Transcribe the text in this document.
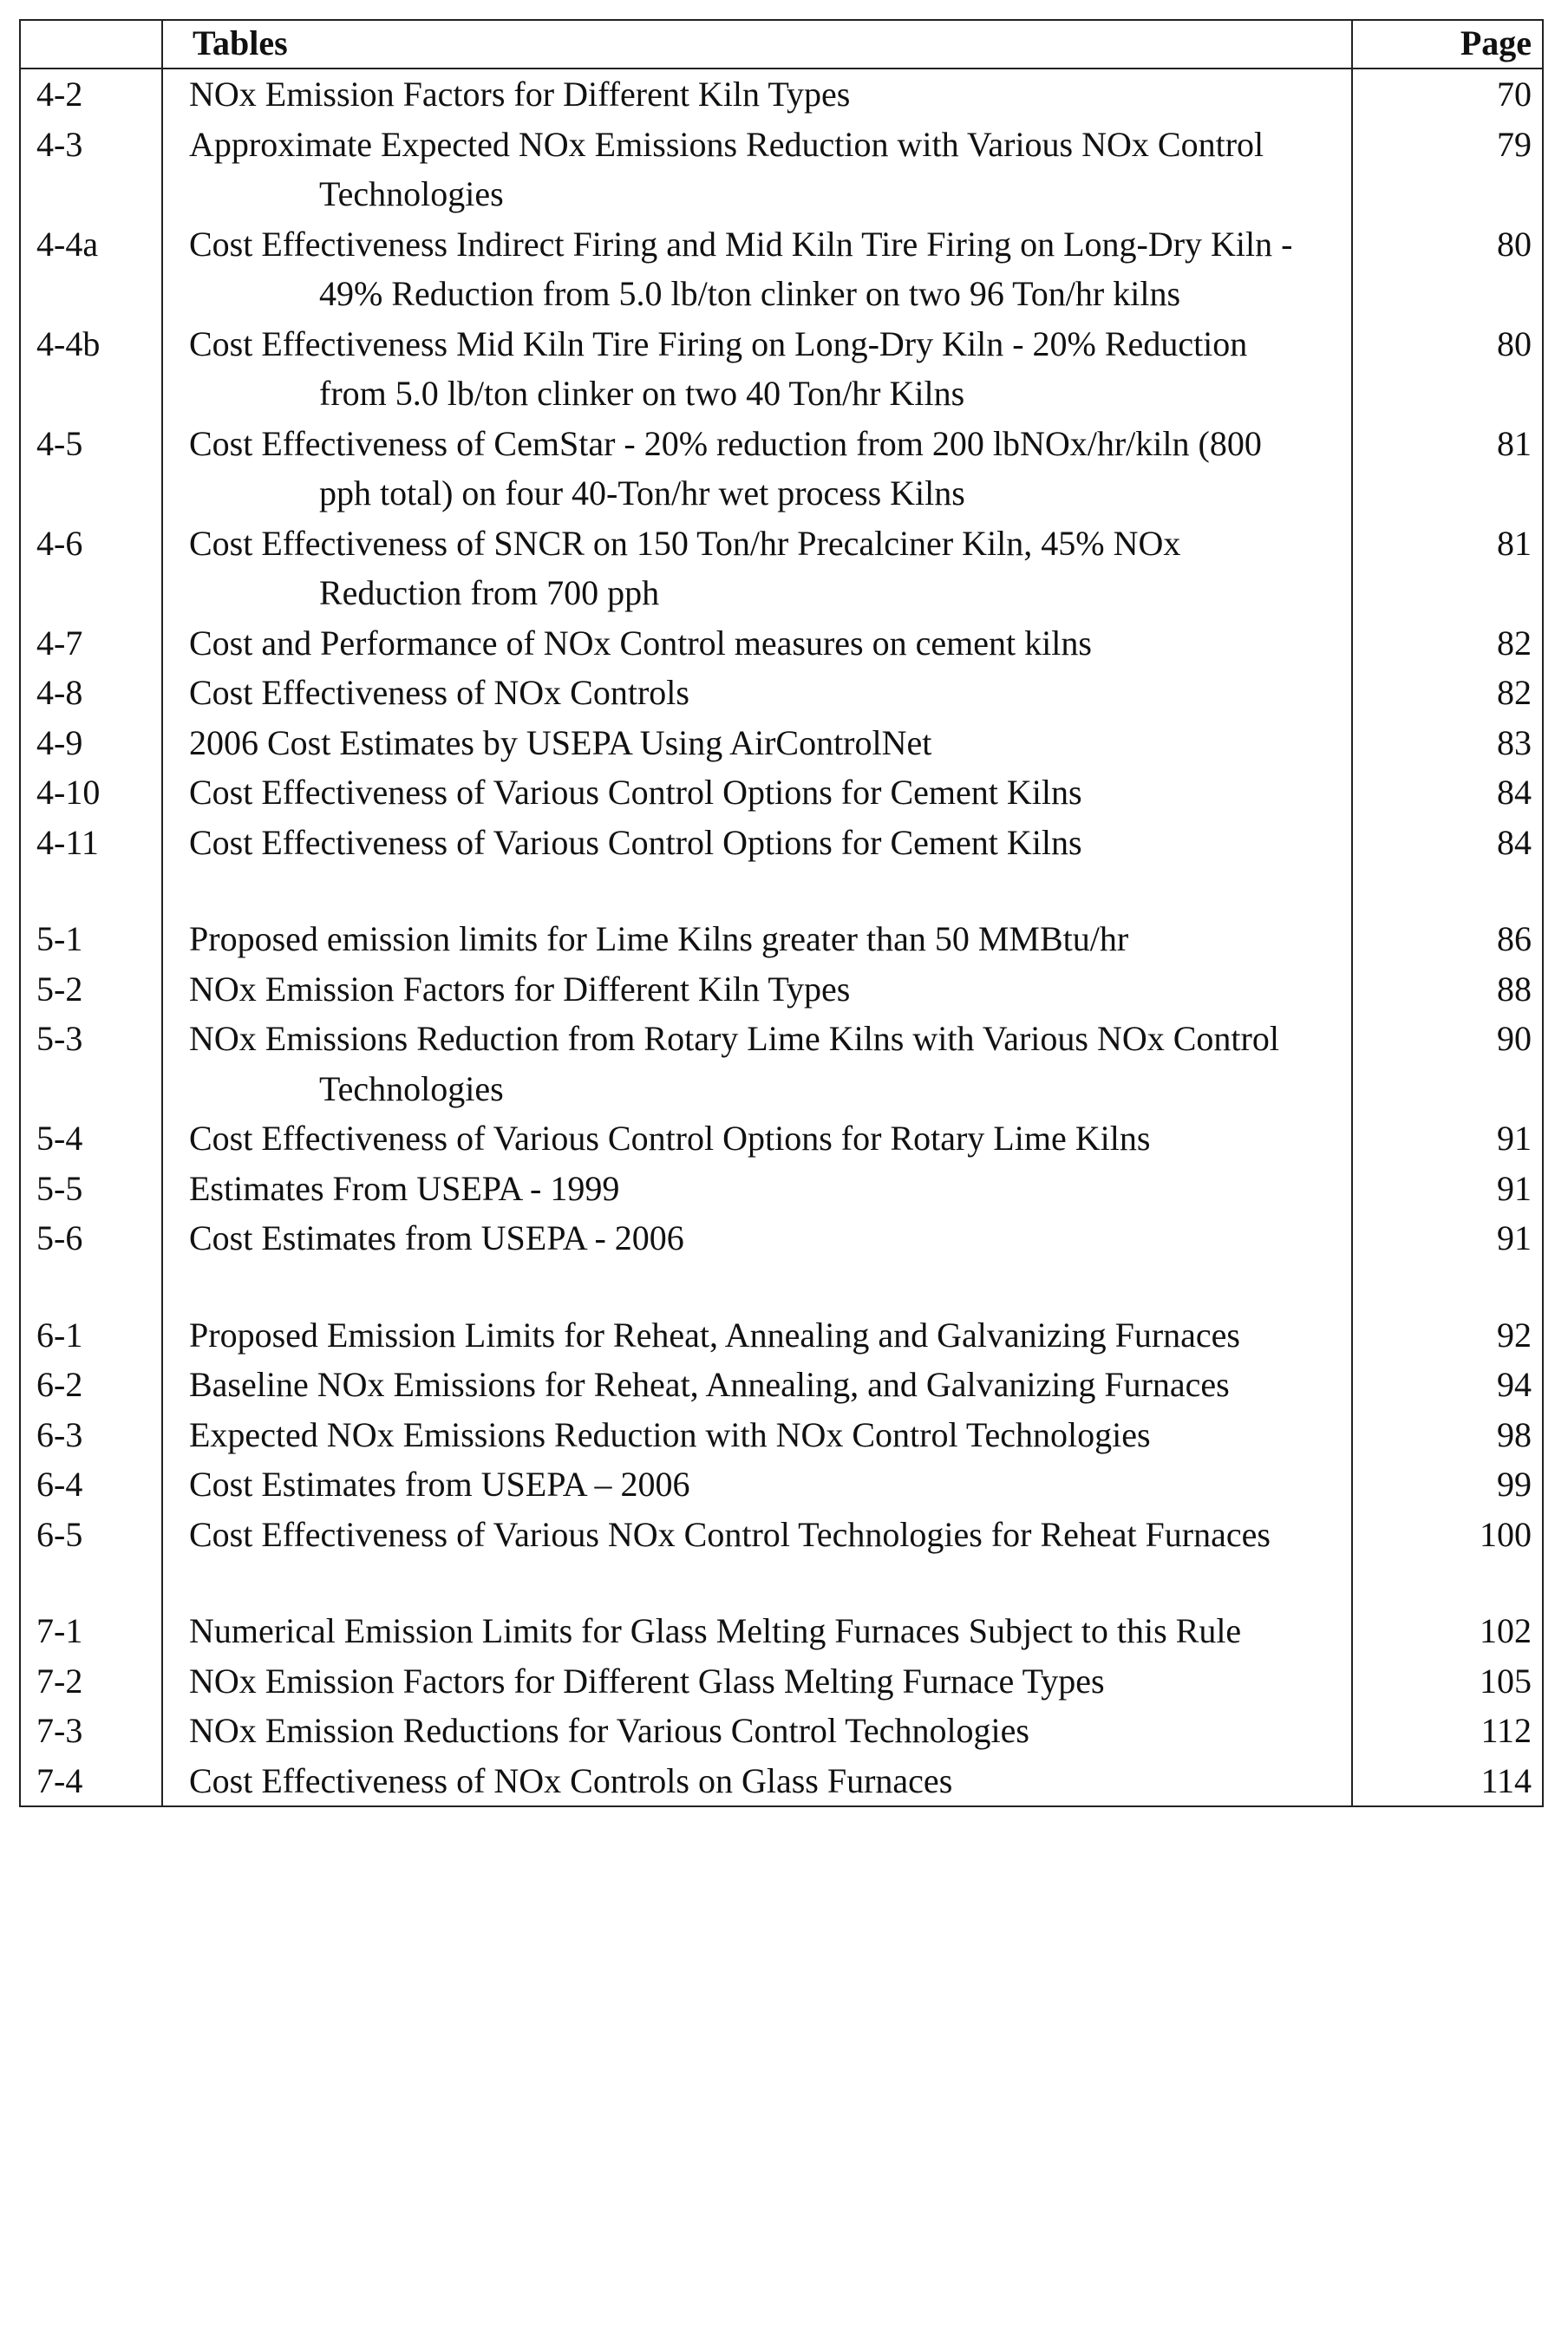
	Tables	Page
4-2	NOx Emission Factors for Different Kiln Types	70
4-3	Approximate Expected NOx Emissions Reduction with Various NOx Control Technologies	79
4-4a	Cost Effectiveness Indirect Firing and Mid Kiln Tire Firing on Long-Dry Kiln - 49% Reduction from 5.0 lb/ton clinker on two 96 Ton/hr kilns	80
4-4b	Cost Effectiveness Mid Kiln Tire Firing on Long-Dry Kiln - 20% Reduction from 5.0 lb/ton clinker on two 40 Ton/hr Kilns	80
4-5	Cost Effectiveness of CemStar - 20% reduction from 200 lbNOx/hr/kiln (800 pph total) on four 40-Ton/hr wet process Kilns	81
4-6	Cost Effectiveness of SNCR on 150 Ton/hr Precalciner Kiln, 45% NOx Reduction from 700 pph	81
4-7	Cost and Performance of NOx Control measures on cement kilns	82
4-8	Cost Effectiveness of NOx Controls	82
4-9	2006 Cost Estimates by USEPA Using AirControlNet	83
4-10	Cost Effectiveness of Various Control Options for Cement Kilns	84
4-11	Cost Effectiveness of Various Control Options for Cement Kilns	84

5-1	Proposed emission limits for Lime Kilns greater than 50 MMBtu/hr	86
5-2	NOx Emission Factors for Different Kiln Types	88
5-3	NOx Emissions Reduction from Rotary Lime Kilns with Various NOx Control Technologies	90
5-4	Cost Effectiveness of Various Control Options for Rotary Lime Kilns	91
5-5	Estimates From USEPA - 1999	91
5-6	Cost Estimates from USEPA - 2006	91

6-1	Proposed Emission Limits for Reheat, Annealing and Galvanizing Furnaces	92
6-2	Baseline NOx Emissions for Reheat, Annealing, and Galvanizing Furnaces	94
6-3	Expected NOx Emissions Reduction with NOx Control Technologies	98
6-4	Cost Estimates from USEPA – 2006	99
6-5	Cost Effectiveness of Various NOx Control Technologies for Reheat Furnaces	100

7-1	Numerical Emission Limits for Glass Melting Furnaces Subject to this Rule	102
7-2	NOx Emission Factors for Different Glass Melting Furnace Types	105
7-3	NOx Emission Reductions for Various Control Technologies	112
7-4	Cost Effectiveness of NOx Controls on Glass Furnaces	114
